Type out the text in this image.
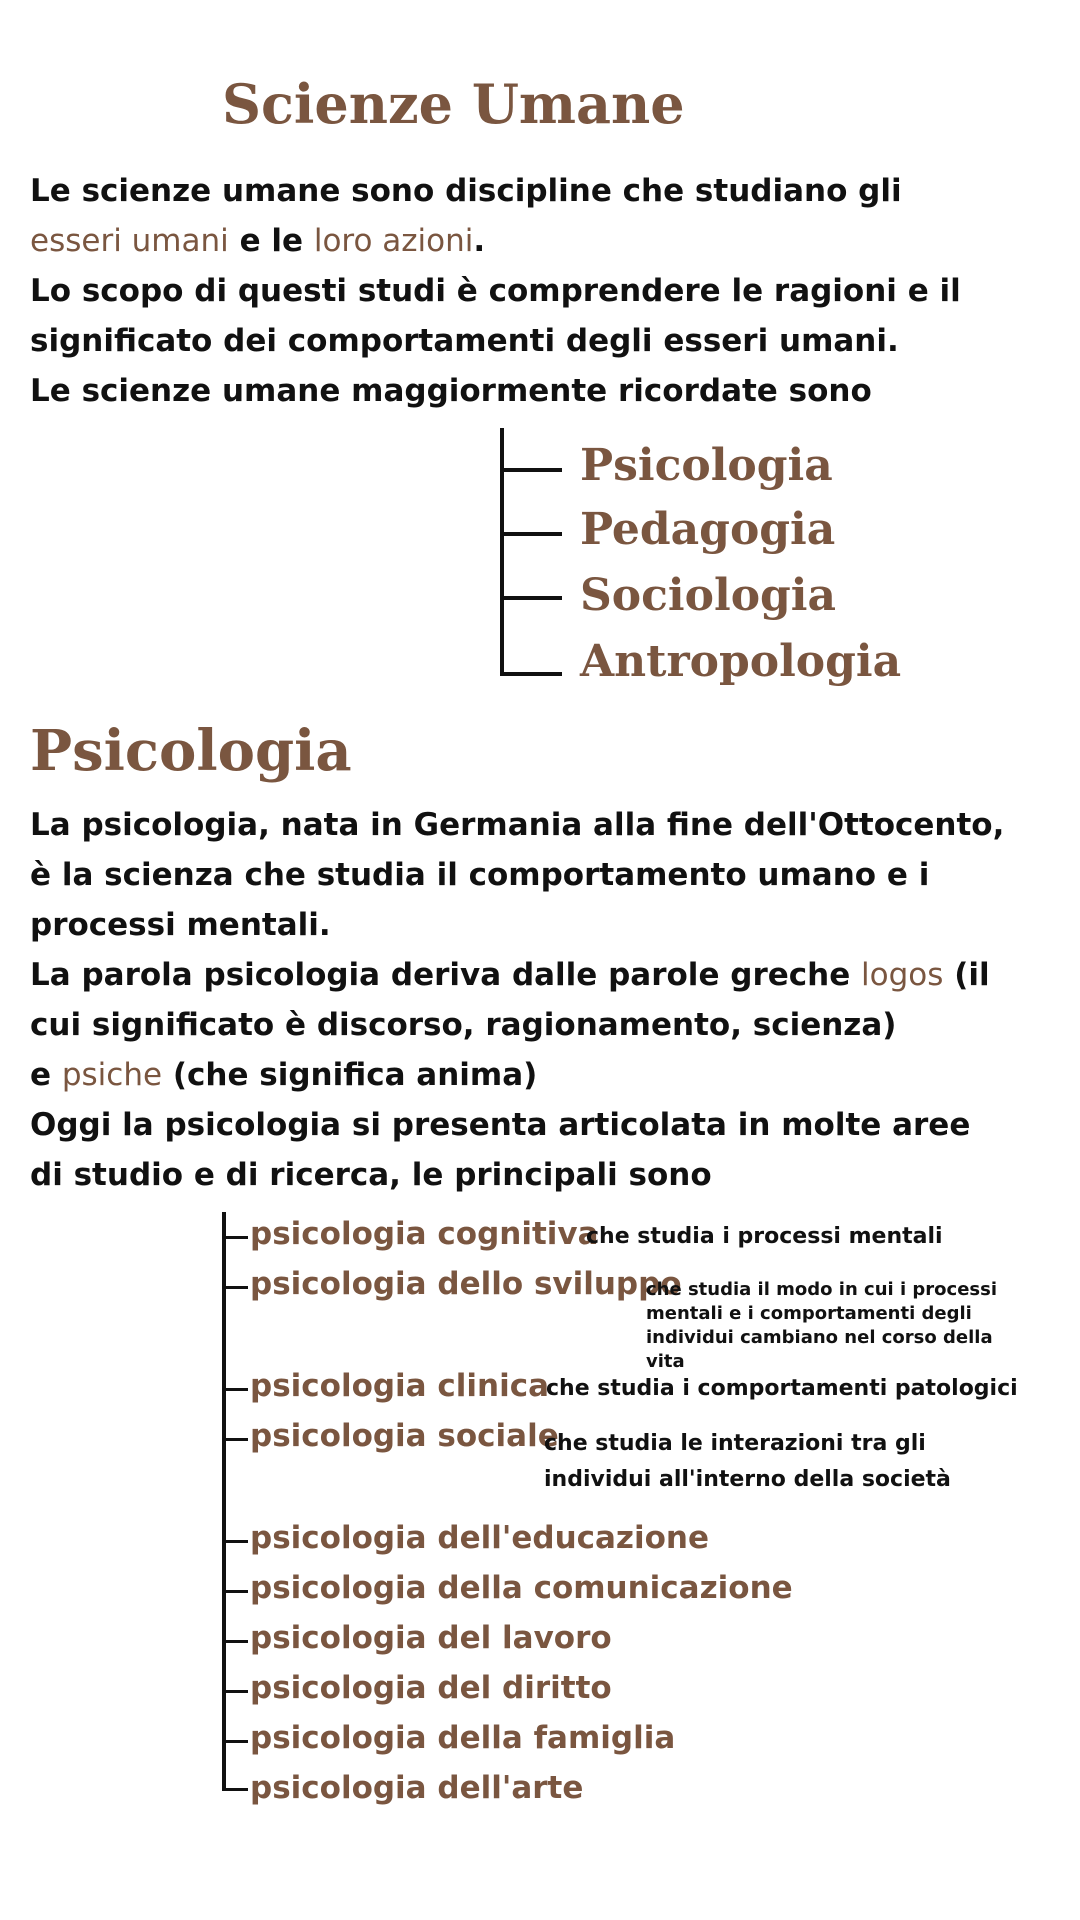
Scienze Umane
Le scienze umane sono discipline che studiano gli
esseri umani e le loro azioni.
Lo scopo di questi studi è comprendere le ragioni e il
significato dei comportamenti degli esseri umani.
Le scienze umane maggiormente ricordate sono
Psicologia
Pedagogia
Sociologia
Antropologia
Psicologia
La psicologia, nata in Germania alla fine dell'Ottocento,
è la scienza che studia il comportamento umano e i
processi mentali.
La parola psicologia deriva dalle parole greche logos (il
cui significato è discorso, ragionamento, scienza)
e psiche (che significa anima)
Oggi la psicologia si presenta articolata in molte aree
di studio e di ricerca, le principali sono
psicologia cognitiva
che studia i processi mentali
psicologia dello sviluppo
che studia il modo in cui i processi mentali e i comportamenti degli individui cambiano nel corso della vita
psicologia clinica
che studia i comportamenti patologici
psicologia sociale
che studia le interazioni tra gli individui all'interno della società
psicologia dell'educazione
psicologia della comunicazione
psicologia del lavoro
psicologia del diritto
psicologia della famiglia
psicologia dell'arte
